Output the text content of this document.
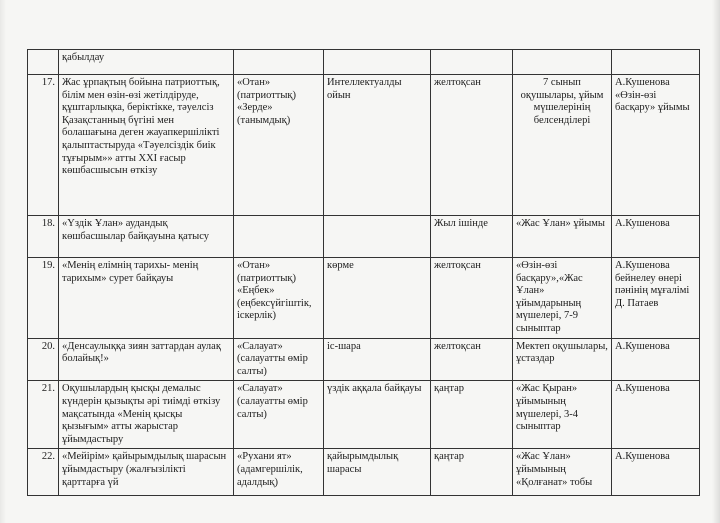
	қабылдау					
17.	Жас ұрпақтың бойына патриоттық, білім мен өзін-өзі жетілдіруде, құштарлықка, беріктікке, тәуелсіз Қазақстанның бүгіні мен болашағына деген жауапкершілікті қалыптастыруда «Тәуелсіздік биік тұғырым»» атты XXI ғасыр көшбасшысын өткізу	«Отан» (патриоттық) «Зерде» (танымдық)	Интеллектуалды ойын	желтоқсан	7 сынып оқушылары, ұйым мүшелерінің белсенділері	А.Кушенова «Өзін-өзі басқару» ұйымы
18.	«Үздік Ұлан» аудандық көшбасшылар байқауына қатысу			Жыл ішінде	«Жас Ұлан» ұйымы	А.Кушенова
19.	«Менің елімнің тарихы- менің тарихым» сурет байқауы	«Отан» (патриоттық) «Еңбек» (еңбексүйгіштік, іскерлік)	көрме	желтоқсан	«Өзін-өзі басқару»,«Жас Ұлан» ұйымдарының мүшелері, 7-9 сыныптар	А.Кушенова бейнелеу өнері пәнінің мұғалімі Д. Патаев
20.	«Денсаулыққа зиян заттардан аулақ болайық!»	«Салауат» (салауатты өмір салты)	іс-шара	желтоқсан	Мектеп оқушылары, ұстаздар	А.Кушенова
21.	Оқушылардың қысқы демалыс күндерін қызықты әрі тиімді өткізу мақсатында «Менің қысқы қызығым» атты жарыстар ұйымдастыру	«Салауат» (салауатты өмір салты)	үздік аққала байқауы	қаңтар	«Жас Қыран» ұйымының мүшелері, 3-4 сыныптар	А.Кушенова
22.	«Мейірім» қайырымдылық шарасын ұйымдастыру (жалғызілікті қарттарға үй	«Рухани ят» (адамгершілік, адалдық)	қайырымдылық шарасы	қаңтар	«Жас Ұлан» ұйымының «Қолғанат» тобы	А.Кушенова
